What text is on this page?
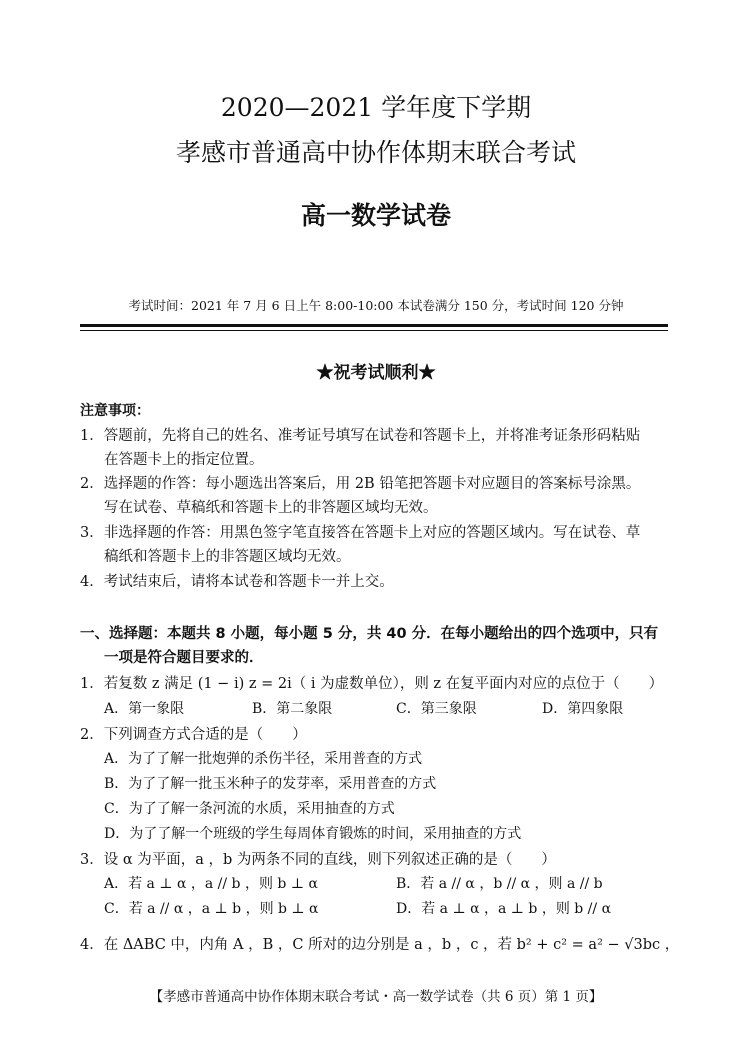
2020—2021 学年度下学期
孝感市普通高中协作体期末联合考试
高一数学试卷
考试时间：2021 年 7 月 6 日上午 8:00-10:00 本试卷满分 150 分，考试时间 120 分钟
★祝考试顺利★
注意事项：
1．答题前，先将自己的姓名、准考证号填写在试卷和答题卡上，并将准考证条形码粘贴
在答题卡上的指定位置。
2．选择题的作答：每小题选出答案后，用 2B 铅笔把答题卡对应题目的答案标号涂黑。
写在试卷、草稿纸和答题卡上的非答题区域均无效。
3．非选择题的作答：用黑色签字笔直接答在答题卡上对应的答题区域内。写在试卷、草
稿纸和答题卡上的非答题区域均无效。
4．考试结束后，请将本试卷和答题卡一并上交。
一、选择题：本题共 8 小题，每小题 5 分，共 40 分．在每小题给出的四个选项中，只有
一项是符合题目要求的．
1．若复数 z 满足 (1 − i) z = 2i（ i 为虚数单位），则 z 在复平面内对应的点位于（　　）
A．第一象限	B．第二象限	C．第三象限	D．第四象限
2．下列调查方式合适的是（　　）
A．为了了解一批炮弹的杀伤半径，采用普查的方式
B．为了了解一批玉米种子的发芽率，采用普查的方式
C．为了了解一条河流的水质，采用抽查的方式
D．为了了解一个班级的学生每周体育锻炼的时间，采用抽查的方式
3．设 α 为平面，a ，b 为两条不同的直线，则下列叙述正确的是（　　）
A．若 a ⊥ α ，a // b ，则 b ⊥ α	B．若 a // α ，b // α ，则 a // b
C．若 a // α ，a ⊥ b ，则 b ⊥ α	D．若 a ⊥ α ，a ⊥ b ，则 b // α
4．在 ΔABC 中，内角 A ，B ，C 所对的边分别是 a ，b ，c ，若 b² + c² = a² − √3bc ，
【孝感市普通高中协作体期末联合考试・高一数学试卷（共 6 页）第 1 页】
